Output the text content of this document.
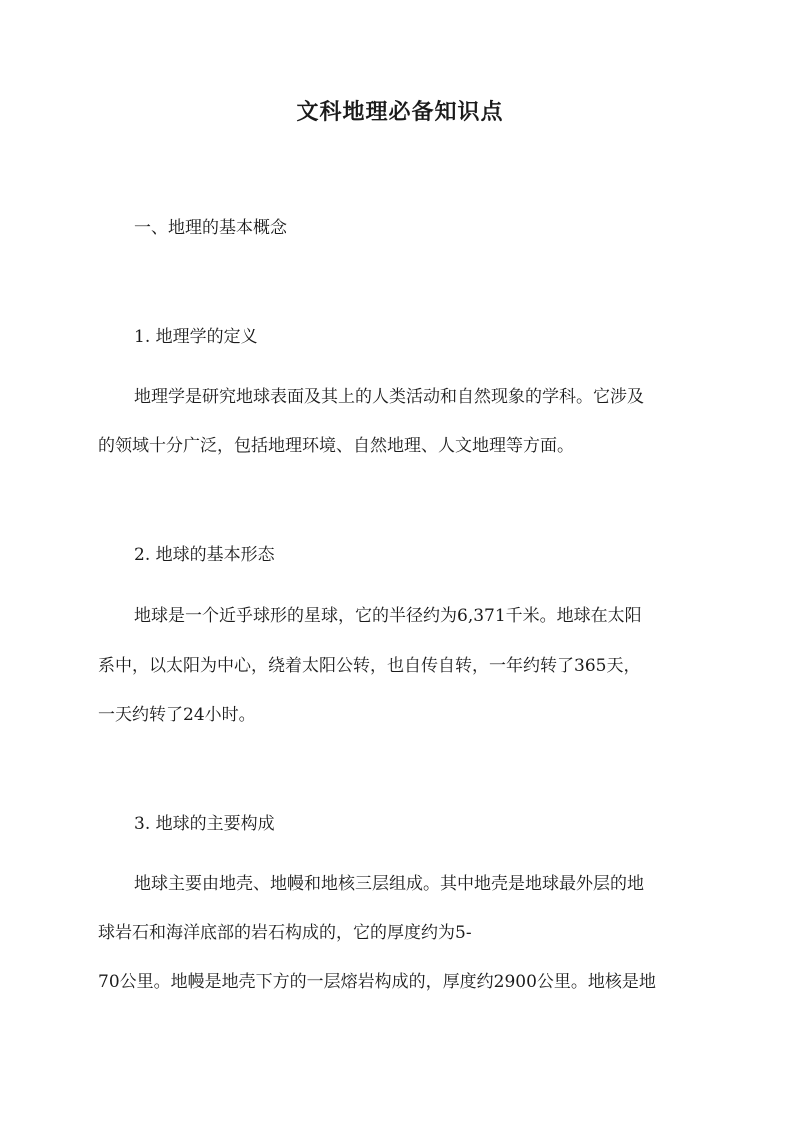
文科地理必备知识点
一、地理的基本概念
1. 地理学的定义
地理学是研究地球表面及其上的人类活动和自然现象的学科。它涉及
的领域十分广泛，包括地理环境、自然地理、人文地理等方面。
2. 地球的基本形态
地球是一个近乎球形的星球，它的半径约为6,371千米。地球在太阳
系中，以太阳为中心，绕着太阳公转，也自传自转，一年约转了365天，
一天约转了24小时。
3. 地球的主要构成
地球主要由地壳、地幔和地核三层组成。其中地壳是地球最外层的地
球岩石和海洋底部的岩石构成的，它的厚度约为5-
70公里。地幔是地壳下方的一层熔岩构成的，厚度约2900公里。地核是地
